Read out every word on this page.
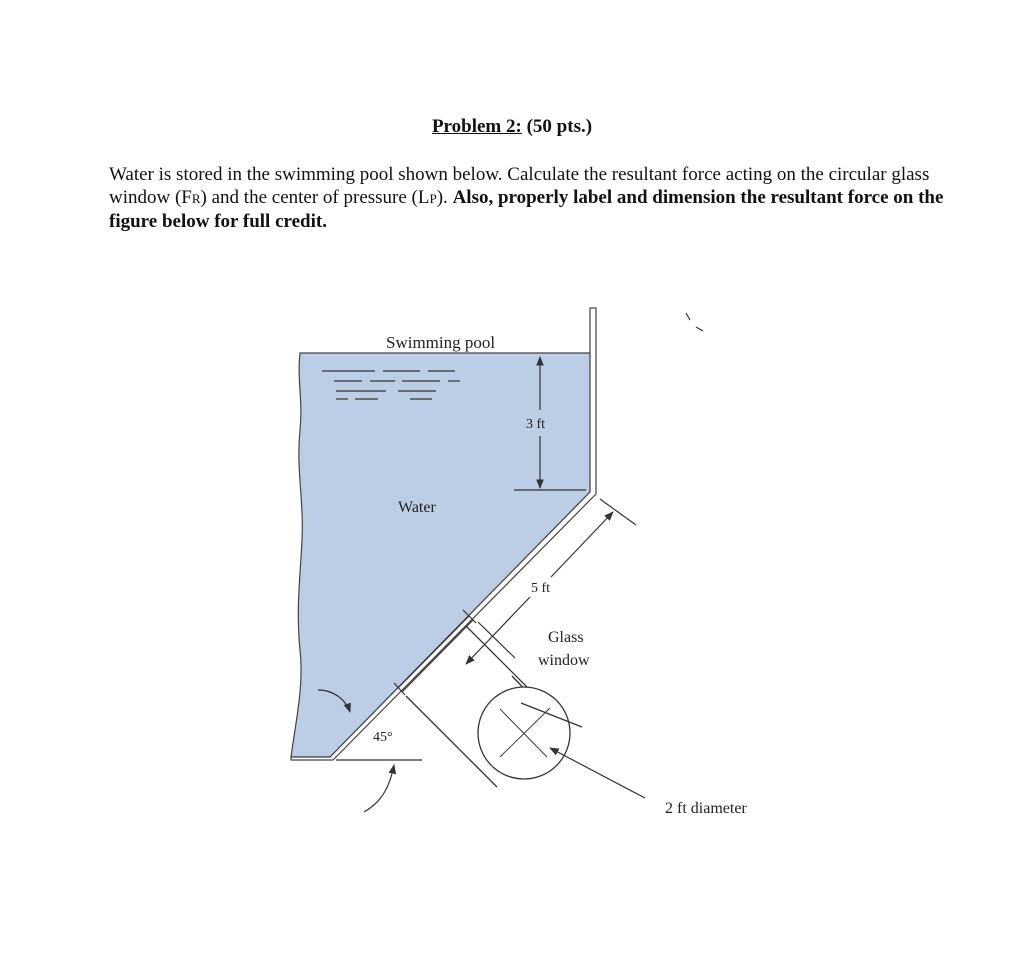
Problem 2: (50 pts.)
Water is stored in the swimming pool shown below. Calculate the resultant force acting on the circular glass window (FR) and the center of pressure (LP). Also, properly label and dimension the resultant force on the figure below for full credit.
Swimming pool
Water
3 ft
5 ft
Glass
window
45°
2 ft diameter
